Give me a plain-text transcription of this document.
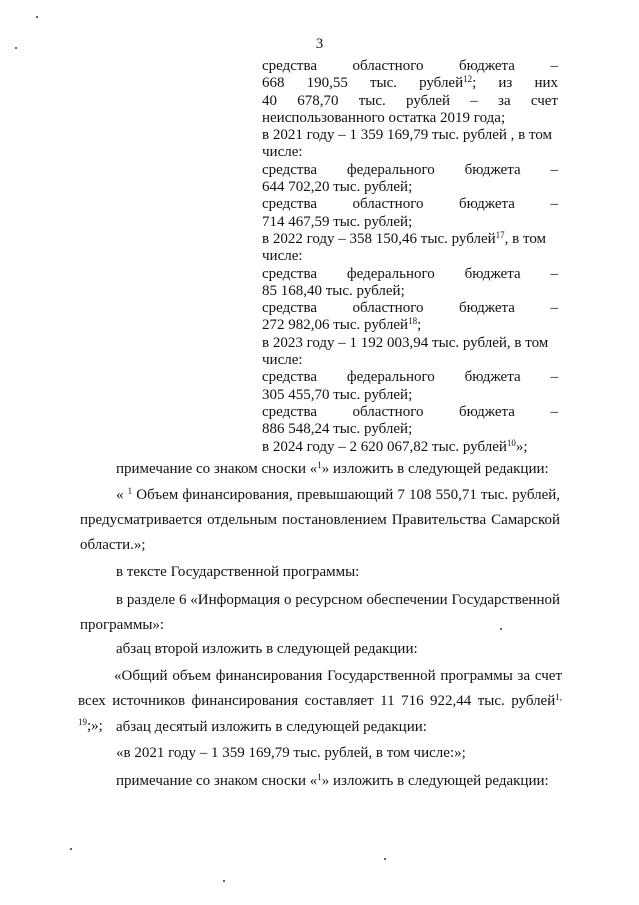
3
средства областного бюджета –
668 190,55 тыс. рублей$^{12}$; из них
40 678,70 тыс. рублей – за счет
неиспользованного остатка 2019 года;
в 2021 году – 1 359 169,79 тыс. рублей , в том
числе:
средства федерального бюджета –
644 702,20 тыс. рублей;
средства областного бюджета –
714 467,59 тыс. рублей;
в 2022 году – 358 150,46 тыс. рублей$^{17}$, в том
числе:
средства федерального бюджета –
85 168,40 тыс. рублей;
средства областного бюджета –
272 982,06 тыс. рублей$^{18}$;
в 2023 году – 1 192 003,94 тыс. рублей, в том
числе:
средства федерального бюджета –
305 455,70 тыс. рублей;
средства областного бюджета –
886 548,24 тыс. рублей;
в 2024 году – 2 620 067,82 тыс. рублей$^{10}$»;
примечание со знаком сноски «$^1$» изложить в следующей редакции:
« $^1$ Объем финансирования, превышающий 7 108 550,71 тыс. рублей, предусматривается отдельным постановлением Правительства Самарской области.»;
в тексте Государственной программы:
в разделе 6 «Информация о ресурсном обеспечении Государственной программы»:
абзац второй изложить в следующей редакции:
«Общий объем финансирования Государственной программы за счет всех источников финансирования составляет 11 716 922,44 тыс. рублей$^{1, 19}$;»; абзац десятый изложить в следующей редакции:
«в 2021 году – 1 359 169,79 тыс. рублей, в том числе:»;
примечание со знаком сноски «$^1$» изложить в следующей редакции:
